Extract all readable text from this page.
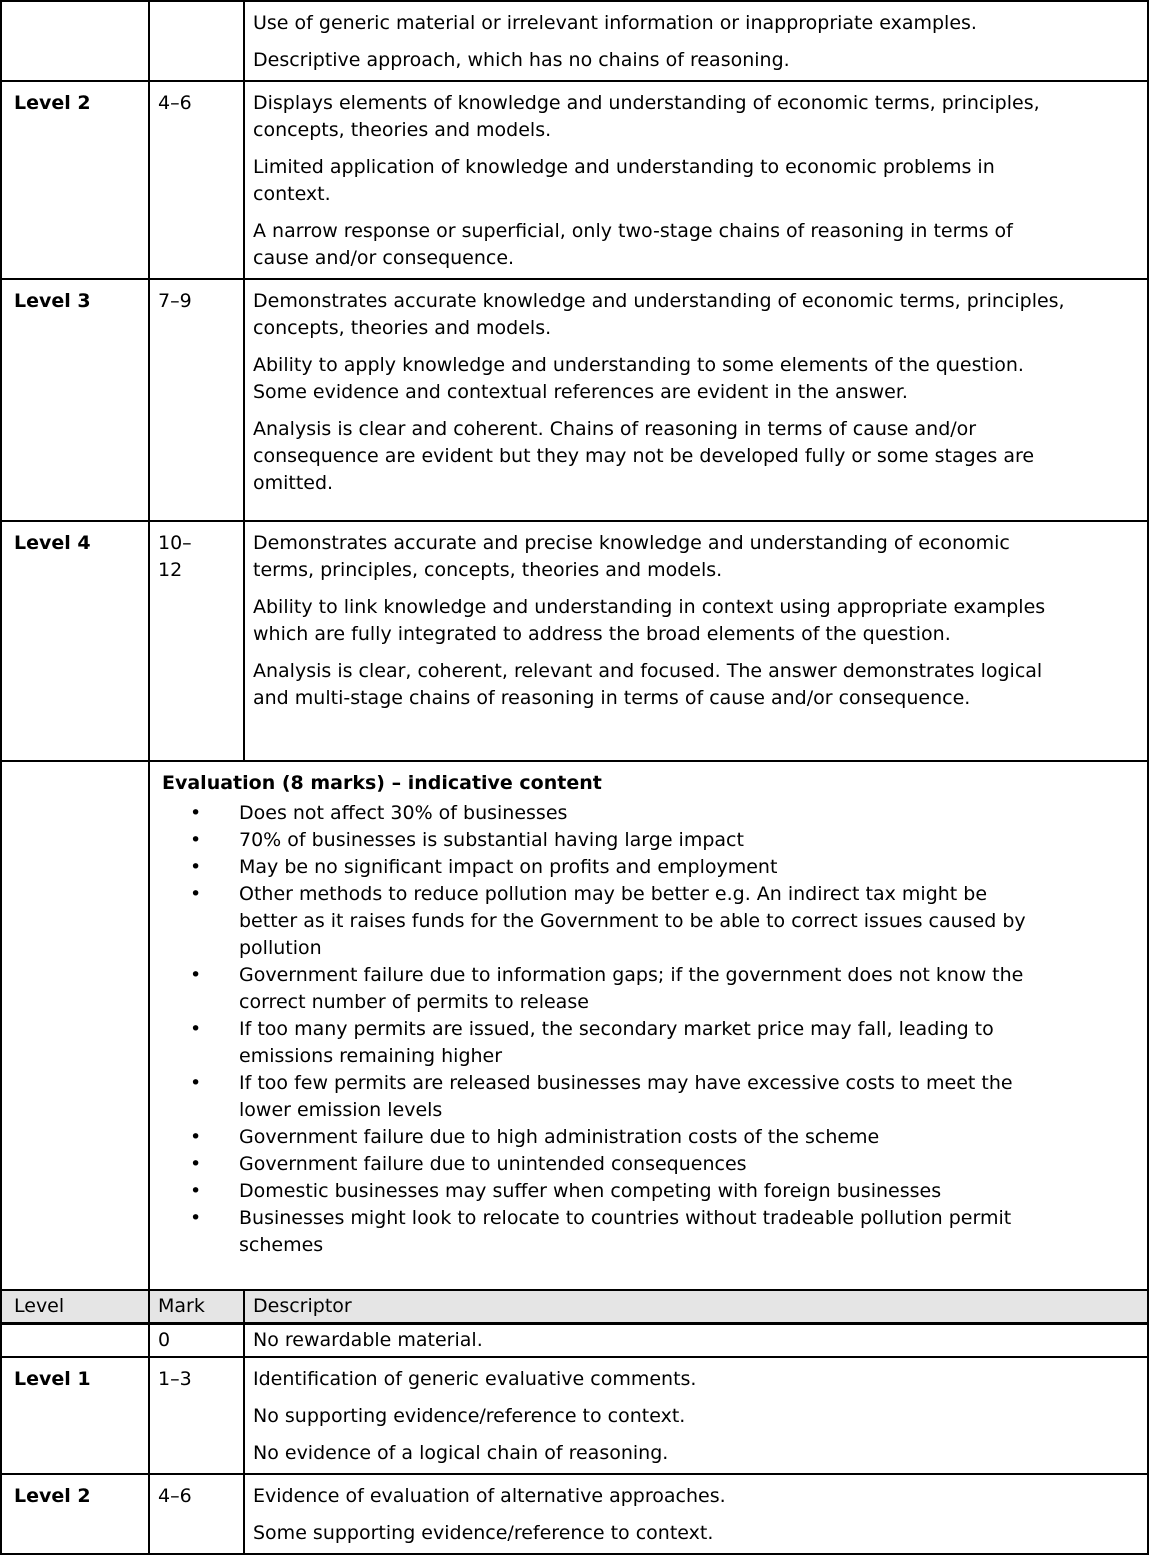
		Use of generic material or irrelevant information or inappropriate examples.

Descriptive approach, which has no chains of reasoning.

Level 2	4–6	Displays elements of knowledge and understanding of economic terms, principles, concepts, theories and models.

Limited application of knowledge and understanding to economic problems in context.

A narrow response or superficial, only two-stage chains of reasoning in terms of cause and/or consequence.

Level 3	7–9	Demonstrates accurate knowledge and understanding of economic terms, principles, concepts, theories and models.

Ability to apply knowledge and understanding to some elements of the question. Some evidence and contextual references are evident in the answer.

Analysis is clear and coherent. Chains of reasoning in terms of cause and/or consequence are evident but they may not be developed fully or some stages are omitted.

Level 4	10–12	Demonstrates accurate and precise knowledge and understanding of economic terms, principles, concepts, theories and models.

Ability to link knowledge and understanding in context using appropriate examples which are fully integrated to address the broad elements of the question.

Analysis is clear, coherent, relevant and focused. The answer demonstrates logical and multi-stage chains of reasoning in terms of cause and/or consequence.

Evaluation (8 marks) – indicative content
• Does not affect 30% of businesses
• 70% of businesses is substantial having large impact
• May be no significant impact on profits and employment
• Other methods to reduce pollution may be better e.g. An indirect tax might be better as it raises funds for the Government to be able to correct issues caused by pollution
• Government failure due to information gaps; if the government does not know the correct number of permits to release
• If too many permits are issued, the secondary market price may fall, leading to emissions remaining higher
• If too few permits are released businesses may have excessive costs to meet the lower emission levels
• Government failure due to high administration costs of the scheme
• Government failure due to unintended consequences
• Domestic businesses may suffer when competing with foreign businesses
• Businesses might look to relocate to countries without tradeable pollution permit schemes

Level	Mark	Descriptor

	0	No rewardable material.

Level 1	1–3	Identification of generic evaluative comments.

No supporting evidence/reference to context.

No evidence of a logical chain of reasoning.

Level 2	4–6	Evidence of evaluation of alternative approaches.

Some supporting evidence/reference to context.
